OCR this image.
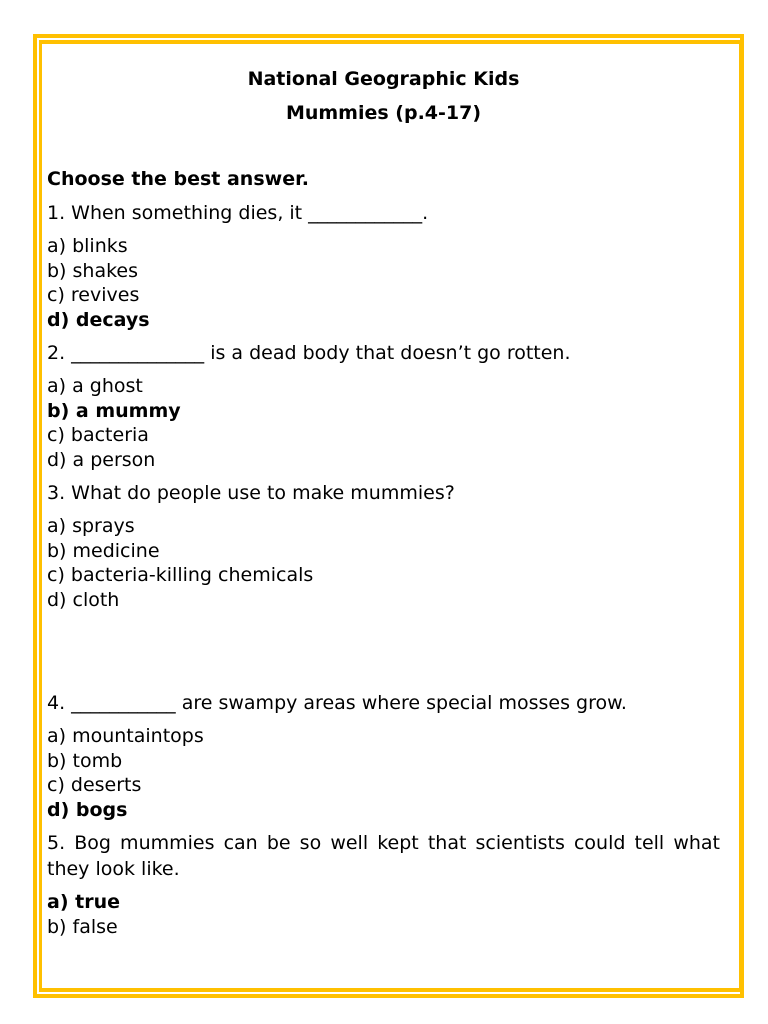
National Geographic Kids

Mummies (p.4-17)

Choose the best answer.

1. When something dies, it ____________.

a) blinks
b) shakes
c) revives
d) decays

2. ______________ is a dead body that doesn’t go rotten.

a) a ghost
b) a mummy
c) bacteria
d) a person

3. What do people use to make mummies?

a) sprays
b) medicine
c) bacteria-killing chemicals
d) cloth

4. ___________ are swampy areas where special mosses grow.

a) mountaintops
b) tomb
c) deserts
d) bogs

5. Bog mummies can be so well kept that scientists could tell what they look like.

a) true
b) false
